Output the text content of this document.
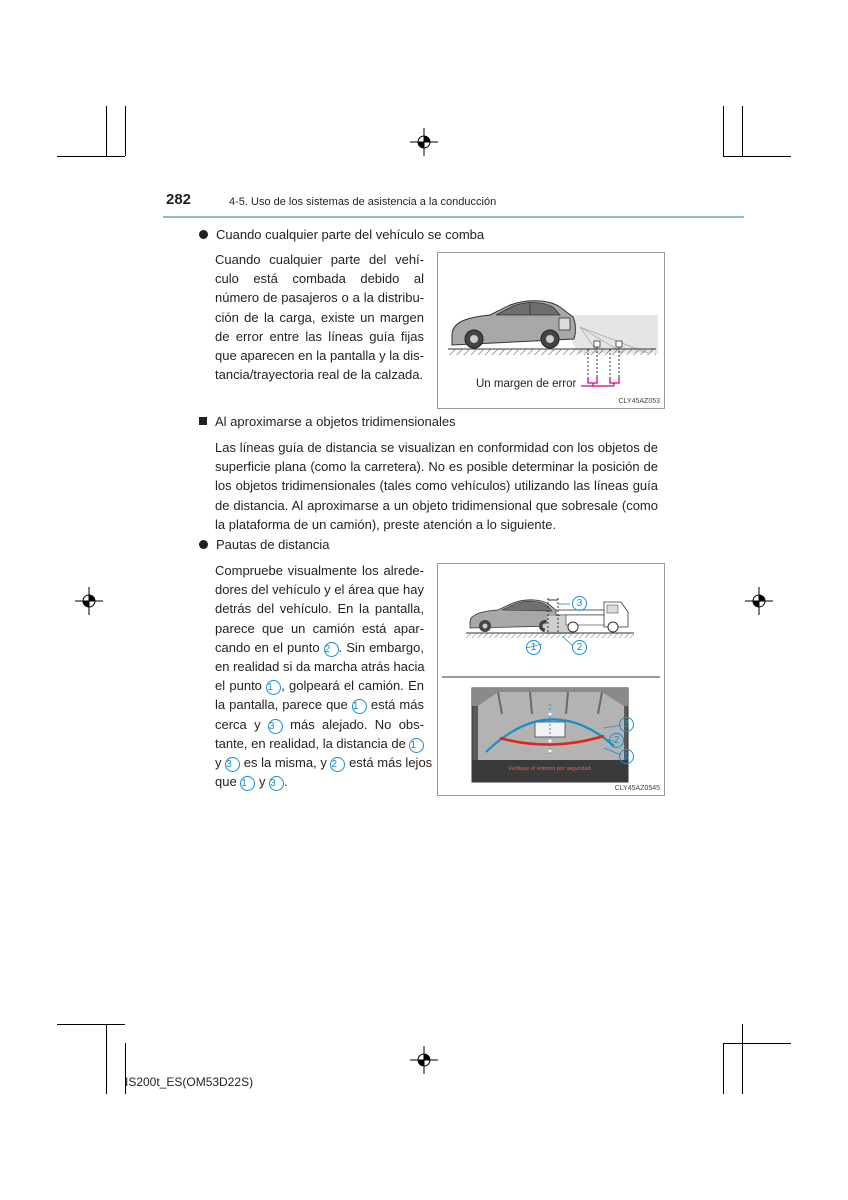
282	4-5. Uso de los sistemas de asistencia a la conducción
Cuando cualquier parte del vehículo se comba
Cuando cualquier parte del vehí-
culo está combada debido al
número de pasajeros o a la distribu-
ción de la carga, existe un margen
de error entre las líneas guía fijas
que aparecen en la pantalla y la dis-
tancia/trayectoria real de la calzada.
Un margen de error
CLY45AZ053
Al aproximarse a objetos tridimensionales
Las líneas guía de distancia se visualizan en conformidad con los objetos de
superficie plana (como la carretera). No es posible determinar la posición de
los objetos tridimensionales (tales como vehículos) utilizando las líneas guía
de distancia. Al aproximarse a un objeto tridimensional que sobresale (como
la plataforma de un camión), preste atención a lo siguiente.
Pautas de distancia
Compruebe visualmente los alrede-
dores del vehículo y el área que hay
detrás del vehículo. En la pantalla,
parece que un camión está apar-
cando en el punto 2 . Sin embargo,
en realidad si da marcha atrás hacia
el punto 1 , golpeará el camión. En
la pantalla, parece que 1 está más
cerca y 3 más alejado. No obs-
tante, en realidad, la distancia de 1
y 3 es la misma, y 2 está más lejos
que 1 y 3 .
Verifique el entorno por seguridad.
3
1	2
3
2
1
CLY45AZ0545
IS200t_ES(OM53D22S)
